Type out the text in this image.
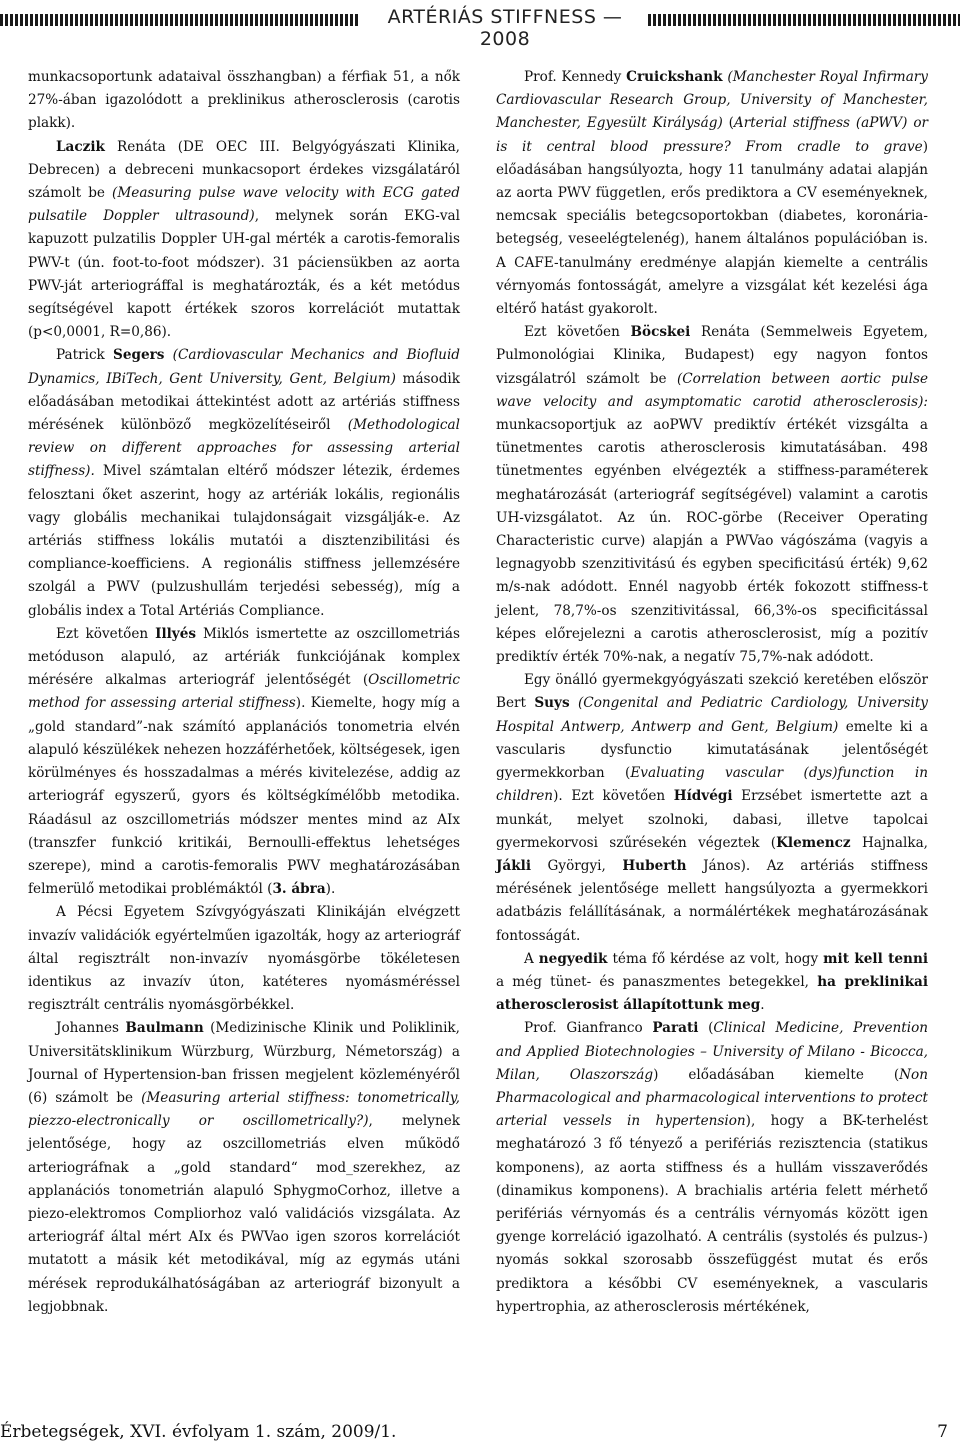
ARTÉRIÁS STIFFNESS — 2008

munkacsoportunk adataival összhangban) a férfiak 51, a nők 27%-ában igazolódott a preklinikus atherosclerosis (carotis plakk).

Laczik Renáta (DE OEC III. Belgyógyászati Klinika, Debrecen) a debreceni munkacsoport érdekes vizsgálatáról számolt be (Measuring pulse wave velocity with ECG gated pulsatile Doppler ultrasound), melynek során EKG-val kapuzott pulzatilis Doppler UH-gal mérték a carotis-femoralis PWV-t (ún. foot-to-foot módszer). 31 páciensükben az aorta PWV-ját arteriográffal is meghatározták, és a két metódus segítségével kapott értékek szoros korrelációt mutattak (p<0,0001, R=0,86).

Patrick Segers (Cardiovascular Mechanics and Biofluid Dynamics, IBiTech, Gent University, Gent, Belgium) második előadásában metodikai áttekintést adott az artériás stiffness mérésének különböző megközelítéseiről (Methodological review on different approaches for assessing arterial stiffness). Mivel számtalan eltérő módszer létezik, érdemes felosztani őket aszerint, hogy az artériák lokális, regionális vagy globális mechanikai tulajdonságait vizsgálják-e. Az artériás stiffness lokális mutatói a disztenzibilitási és compliance-koefficiens. A regionális stiffness jellemzésére szolgál a PWV (pulzushullám terjedési sebesség), míg a globális index a Total Artériás Compliance.

Ezt követően Illyés Miklós ismertette az oszcillometriás metóduson alapuló, az artériák funkciójának komplex mérésére alkalmas arteriográf jelentőségét (Oscillometric method for assessing arterial stiffness). Kiemelte, hogy míg a „gold standard”-nak számító applanációs tonometria elvén alapuló készülékek nehezen hozzáférhetőek, költségesek, igen körülményes és hosszadalmas a mérés kivitelezése, addig az arteriográf egyszerű, gyors és költségkímélőbb metodika. Ráadásul az oszcillometriás módszer mentes mind az AIx (transzfer funkció kritikái, Bernoulli-effektus lehetséges szerepe), mind a carotis-femoralis PWV meghatározásában felmerülő metodikai problémáktól (3. ábra).

A Pécsi Egyetem Szívgyógyászati Klinikáján elvégzett invazív validációk egyértelműen igazolták, hogy az arteriográf által regisztrált non-invazív nyomásgörbe tökéletesen identikus az invazív úton, katéteres nyomásméréssel regisztrált centrális nyomásgörbékkel.

Johannes Baulmann (Medizinische Klinik und Poliklinik, Universitätsklinikum Würzburg, Würzburg, Németország) a Journal of Hypertension-ban frissen megjelent közleményéről (6) számolt be (Measuring arterial stiffness: tonometrically, piezzo-electronically or oscillometrically?), melynek jelentősége, hogy az oszcillometriás elven működő arteriográfnak a „gold standard“ mod_szerekhez, az applanációs tonometrián alapuló SphygmoCorhoz, illetve a piezo-elektromos Compliorhoz való validációs vizsgálata. Az arteriográf által mért AIx és PWVao igen szoros korrelációt mutatott a másik két metodikával, míg az egymás utáni mérések reprodukálhatóságában az arteriográf bizonyult a legjobbnak.

Prof. Kennedy Cruickshank (Manchester Royal Infirmary Cardiovascular Research Group, University of Manchester, Manchester, Egyesült Királyság) (Arterial stiffness (aPWV) or is it central blood pressure? From cradle to grave) előadásában hangsúlyozta, hogy 11 tanulmány adatai alapján az aorta PWV független, erős prediktora a CV eseményeknek, nemcsak speciális betegcsoportokban (diabetes, koronária-betegség, veseelégtelenég), hanem általános populációban is. A CAFE-tanulmány eredménye alapján kiemelte a centrális vérnyomás fontosságát, amelyre a vizsgálat két kezelési ága eltérő hatást gyakorolt.

Ezt követően Böcskei Renáta (Semmelweis Egyetem, Pulmonológiai Klinika, Budapest) egy nagyon fontos vizsgálatról számolt be (Correlation between aortic pulse wave velocity and asymptomatic carotid atherosclerosis): munkacsoportjuk az aoPWV prediktív értékét vizsgálta a tünetmentes carotis atherosclerosis kimutatásában. 498 tünetmentes egyénben elvégezték a stiffness-paraméterek meghatározását (arteriográf segítségével) valamint a carotis UH-vizsgálatot. Az ún. ROC-görbe (Receiver Operating Characteristic curve) alapján a PWVao vágószáma (vagyis a legnagyobb szenzitivitású és egyben specificitású érték) 9,62 m/s-nak adódott. Ennél nagyobb érték fokozott stiffness-t jelent, 78,7%-os szenzitivitással, 66,3%-os specificitással képes előrejelezni a carotis atherosclerosist, míg a pozitív prediktív érték 70%-nak, a negatív 75,7%-nak adódott.

Egy önálló gyermekgyógyászati szekció keretében először Bert Suys (Congenital and Pediatric Cardiology, University Hospital Antwerp, Antwerp and Gent, Belgium) emelte ki a vascularis dysfunctio kimutatásának jelentőségét gyermekkorban (Evaluating vascular (dys)function in children). Ezt követően Hídvégi Erzsébet ismertette azt a munkát, melyet szolnoki, dabasi, illetve tapolcai gyermekorvosi szűrésekén végeztek (Klemencz Hajnalka, Jákli Györgyi, Huberth János). Az artériás stiffness mérésének jelentősége mellett hangsúlyozta a gyermekkori adatbázis felállításának, a normálértékek meghatározásának fontosságát.

A negyedik téma fő kérdése az volt, hogy mit kell tenni a még tünet- és panaszmentes betegekkel, ha preklinikai atherosclerosist állapítottunk meg.

Prof. Gianfranco Parati (Clinical Medicine, Prevention and Applied Biotechnologies – University of Milano - Bicocca, Milan, Olaszország) előadásában kiemelte (Non Pharmacological and pharmacological interventions to protect arterial vessels in hypertension), hogy a BK-terhelést meghatározó 3 fő tényező a perifériás rezisztencia (statikus komponens), az aorta stiffness és a hullám visszaverődés (dinamikus komponens). A brachialis artéria felett mérhető perifériás vérnyomás és a centrális vérnyomás között igen gyenge korreláció igazolható. A centrális (systolés és pulzus-) nyomás sokkal szorosabb összefüggést mutat és erős prediktora a későbbi CV eseményeknek, a vascularis hypertrophia, az atherosclerosis mértékének,

Érbetegségek, XVI. évfolyam 1. szám, 2009/1.	7
